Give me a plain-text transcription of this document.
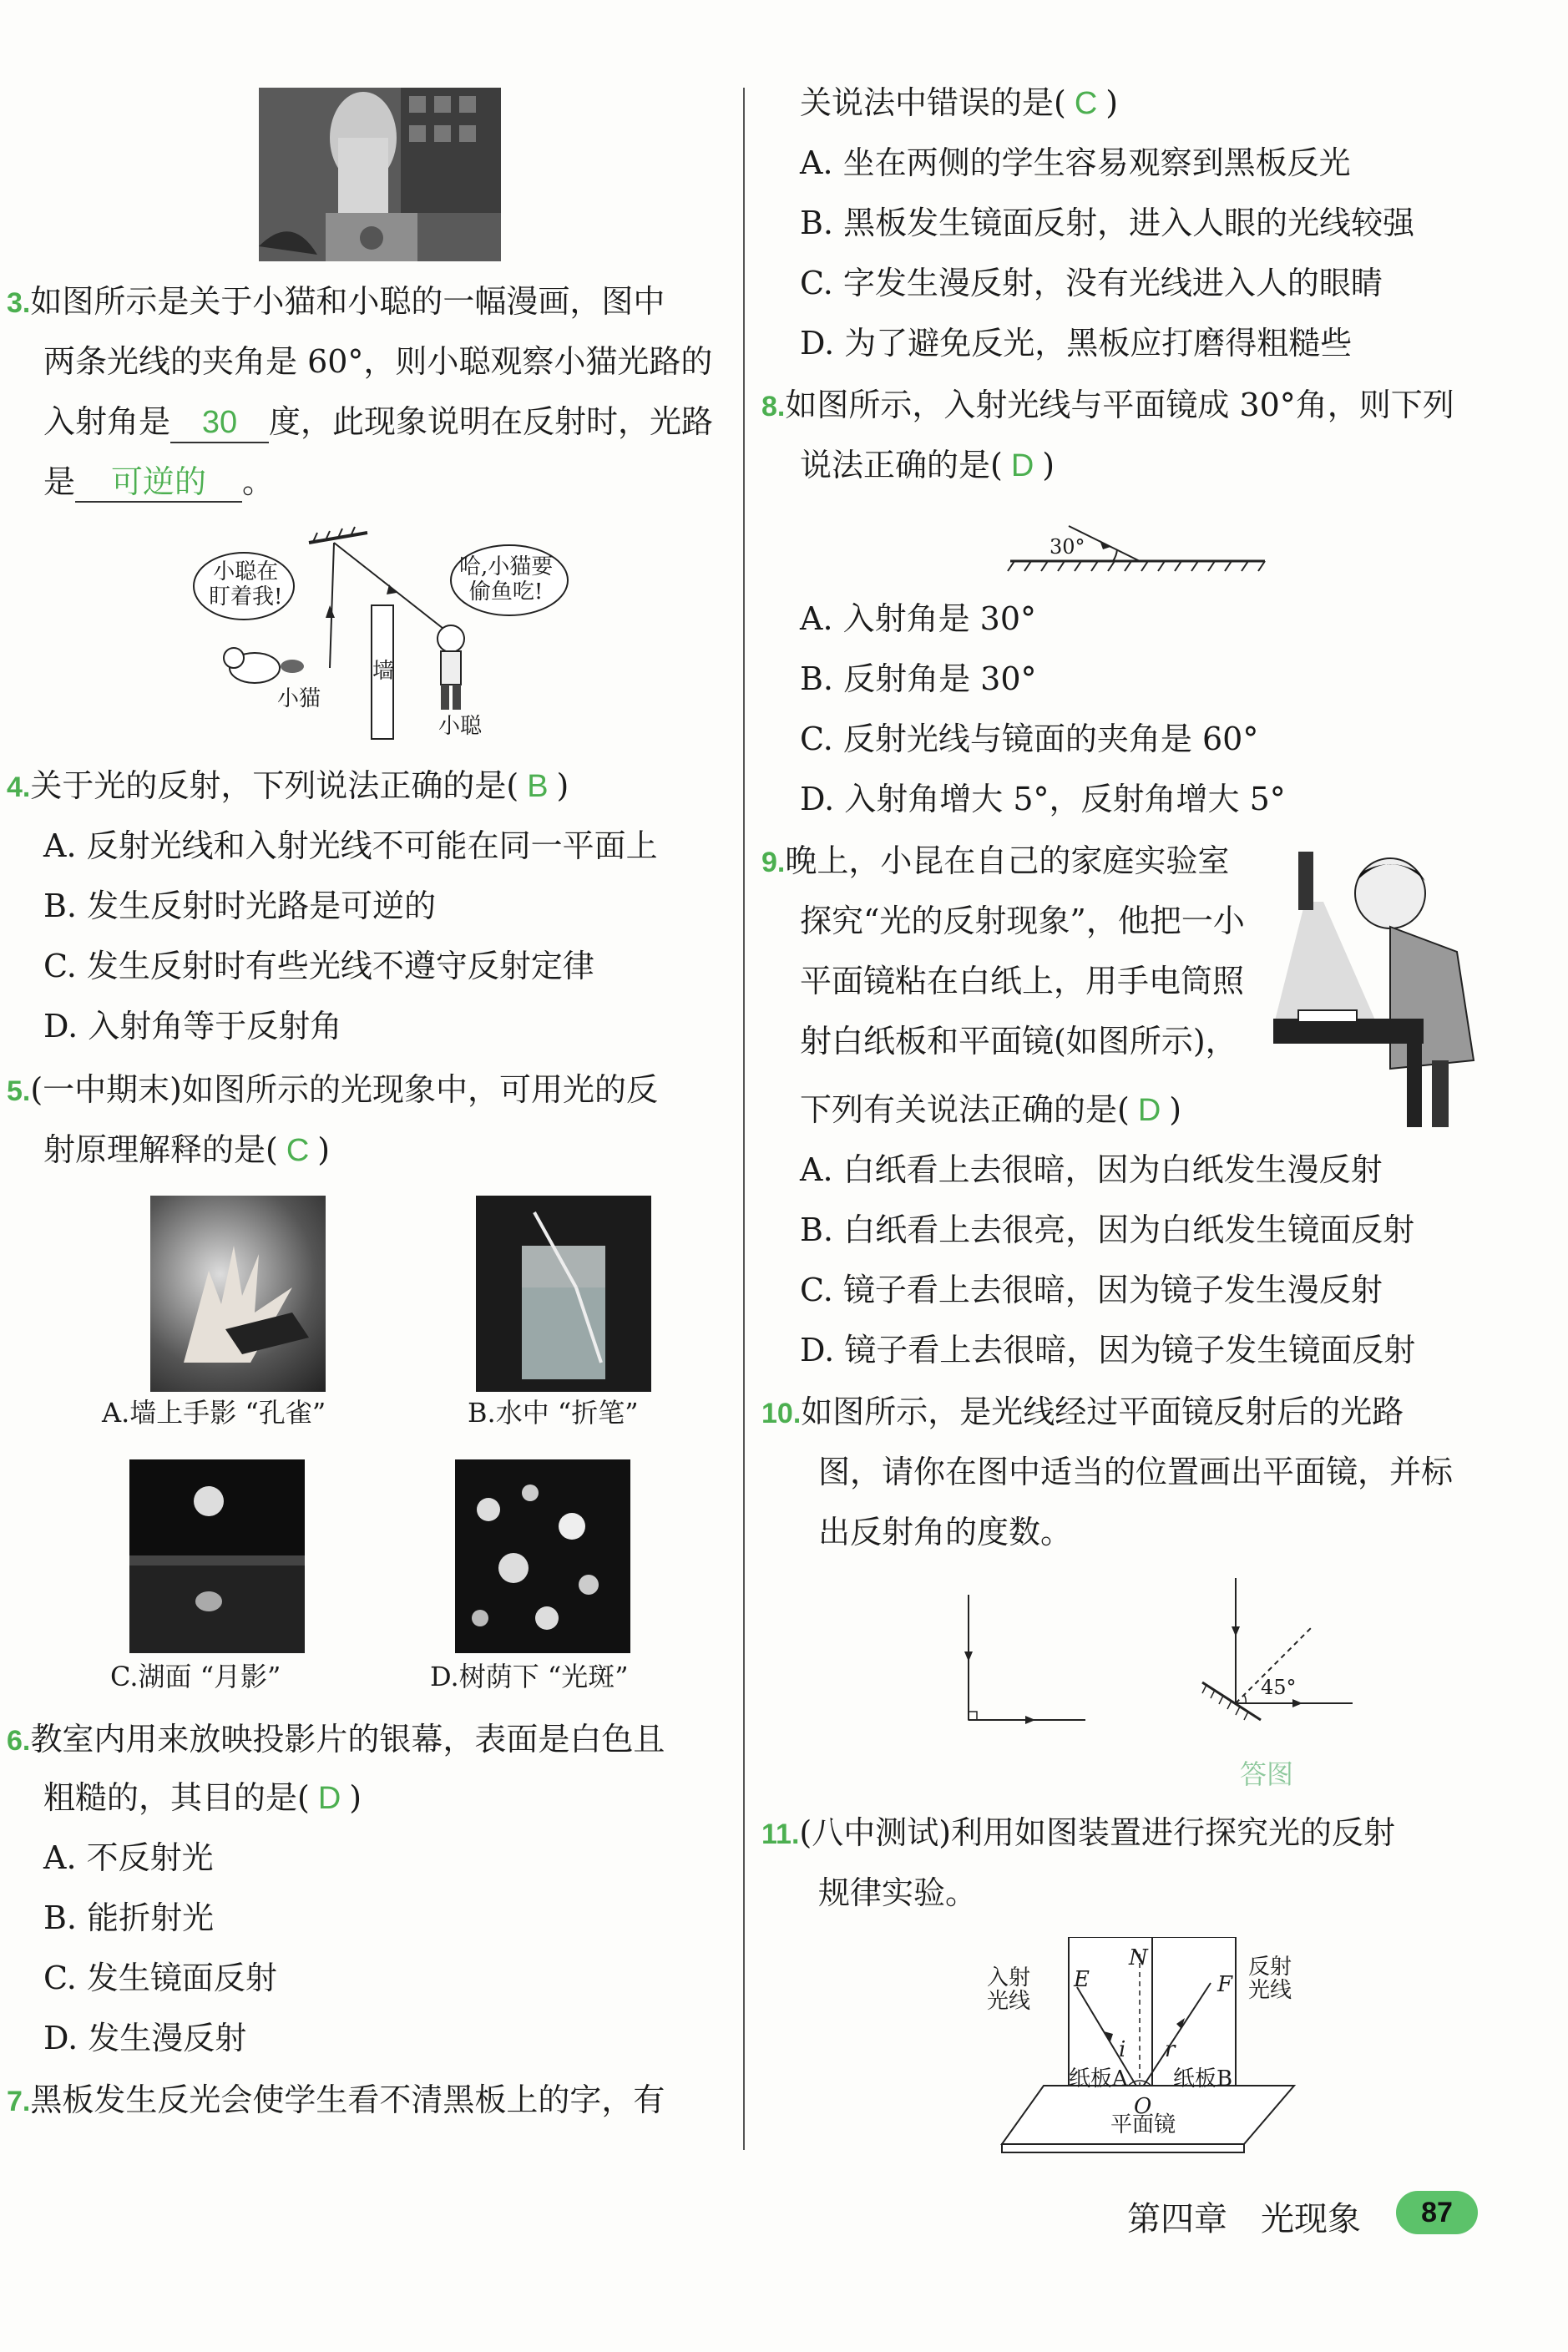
3.如图所示是关于小猫和小聪的一幅漫画，图中
两条光线的夹角是 60°，则小聪观察小猫光路的
入射角是 30 度，此现象说明在反射时，光路
是 可逆的 。
小聪在
盯着我!
哈,小猫要
偷鱼吃!
墙
小猫
小聪
4.关于光的反射，下列说法正确的是( B )
A. 反射光线和入射光线不可能在同一平面上
B. 发生反射时光路是可逆的
C. 发生反射时有些光线不遵守反射定律
D. 入射角等于反射角
5.(一中期末)如图所示的光现象中，可用光的反
射原理解释的是( C )
A.墙上手影 “孔雀”	B.水中 “折笔”
C.湖面 “月影”	D.树荫下 “光斑”
6.教室内用来放映投影片的银幕，表面是白色且
粗糙的，其目的是( D )
A. 不反射光
B. 能折射光
C. 发生镜面反射
D. 发生漫反射
7.黑板发生反光会使学生看不清黑板上的字，有
关说法中错误的是( C )
A. 坐在两侧的学生容易观察到黑板反光
B. 黑板发生镜面反射，进入人眼的光线较强
C. 字发生漫反射，没有光线进入人的眼睛
D. 为了避免反光，黑板应打磨得粗糙些
8.如图所示，入射光线与平面镜成 30°角，则下列
说法正确的是( D )
30°
A. 入射角是 30°
B. 反射角是 30°
C. 反射光线与镜面的夹角是 60°
D. 入射角增大 5°，反射角增大 5°
9.晚上，小昆在自己的家庭实验室
探究“光的反射现象”，他把一小
平面镜粘在白纸上，用手电筒照
射白纸板和平面镜(如图所示)，
下列有关说法正确的是( D )
A. 白纸看上去很暗，因为白纸发生漫反射
B. 白纸看上去很亮，因为白纸发生镜面反射
C. 镜子看上去很暗，因为镜子发生漫反射
D. 镜子看上去很暗，因为镜子发生镜面反射
10.如图所示，是光线经过平面镜反射后的光路
图，请你在图中适当的位置画出平面镜，并标
出反射角的度数。
45°
答图
11.(八中测试)利用如图装置进行探究光的反射
规律实验。
入射
光线
反射
光线
E	F
N
i r
O
纸板A 纸板B
平面镜
第四章　光现象	87
